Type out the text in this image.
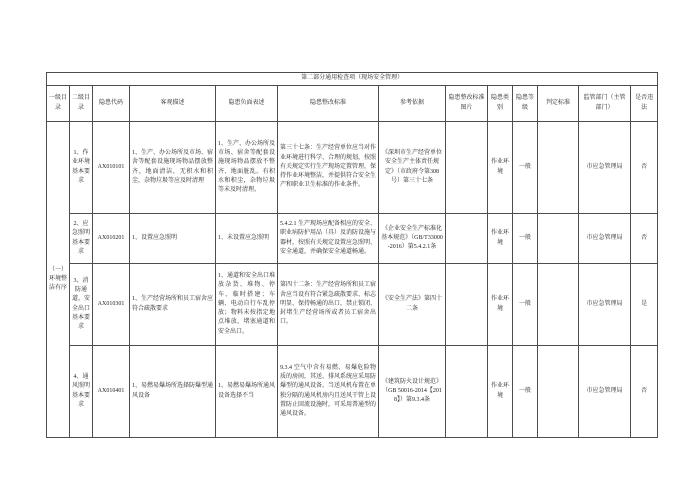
第二部分通用检查项（现场安全管理）												
一级目录	二级目录	隐患代码	客观描述	隐患负面表述	隐患整改标准	参考依据	隐患整改标准图片	隐患类别	隐患等级	判定标准	监管部门（主管部门）	是否违法
（一）环境整洁有序	1、作业环境基本要求	AX010101	1、生产、办公场所及市场、宿舍等配套设施现场物品摆放整齐，地面清洁，无积水和积尘，杂物垃圾等应及时清理	1、生产、办公场所及市场、宿舍等配套设施现场物品摆放不整齐、地面脏乱。有积水和积尘，杂物垃圾等未及时清理。	第三十七条：生产经营单位应当对作业环境进行科学、合理的规划，按照有关规定实行生产现场定置管理，保持作业环境整洁，并提供符合安全生产和职业卫生标准的作业条件。	《深圳市生产经营单位安全生产主体责任规定》（市政府令第308号）第三十七条		作业环境	一般		市应急管理局	否
	2、应急照明基本要求	AX010201	1、设置应急照明	1、未设置应急照明	5.4.2.1 生产现场应配备相应的安全、职业病防护用品（具）及消防设施与器材，按照有关规定设置应急照明、安全通道，并确保安全通道畅通。	《企业安全生产标准化基本规范》（GB/T33000-2016）第5.4.2.1条		作业环境	一般		市应急管理局	否
	3、消防通道、安全出口基本要求	AX010301	1、生产经营场所和员工宿舍应符合疏散要求	1、通道和安全出口堆放杂货、堆物、停车、临时搭建；车辆、电动自行车乱停放；物料未按指定地点堆放，堵塞通道和安全出口。	第四十二条：生产经营场所和员工宿舍应当设有符合紧急疏散要求、标志明显、保持畅通的出口，禁止锁闭、封堵生产经营场所或者员工宿舍出口。	《安全生产法》第四十二条		作业环境	一般		市应急管理局	是
	4、通风照明基本要求	AX010401	1、易燃易爆场所选择防爆型通风设备	1、易燃易爆场所通风设备选择不当	9.3.4 空气中含有易燃、易爆危险物质的房间，其送、排风系统应采用防爆型的通风设备。当送风机布置在单独分隔的通风机房内且送风干管上设置防止回流设施时，可采用普通型的通风设备。	《建筑防火设计规范》（GB 50016-2014【2018】）第9.3.4条		作业环境	一般		市应急管理局	否
